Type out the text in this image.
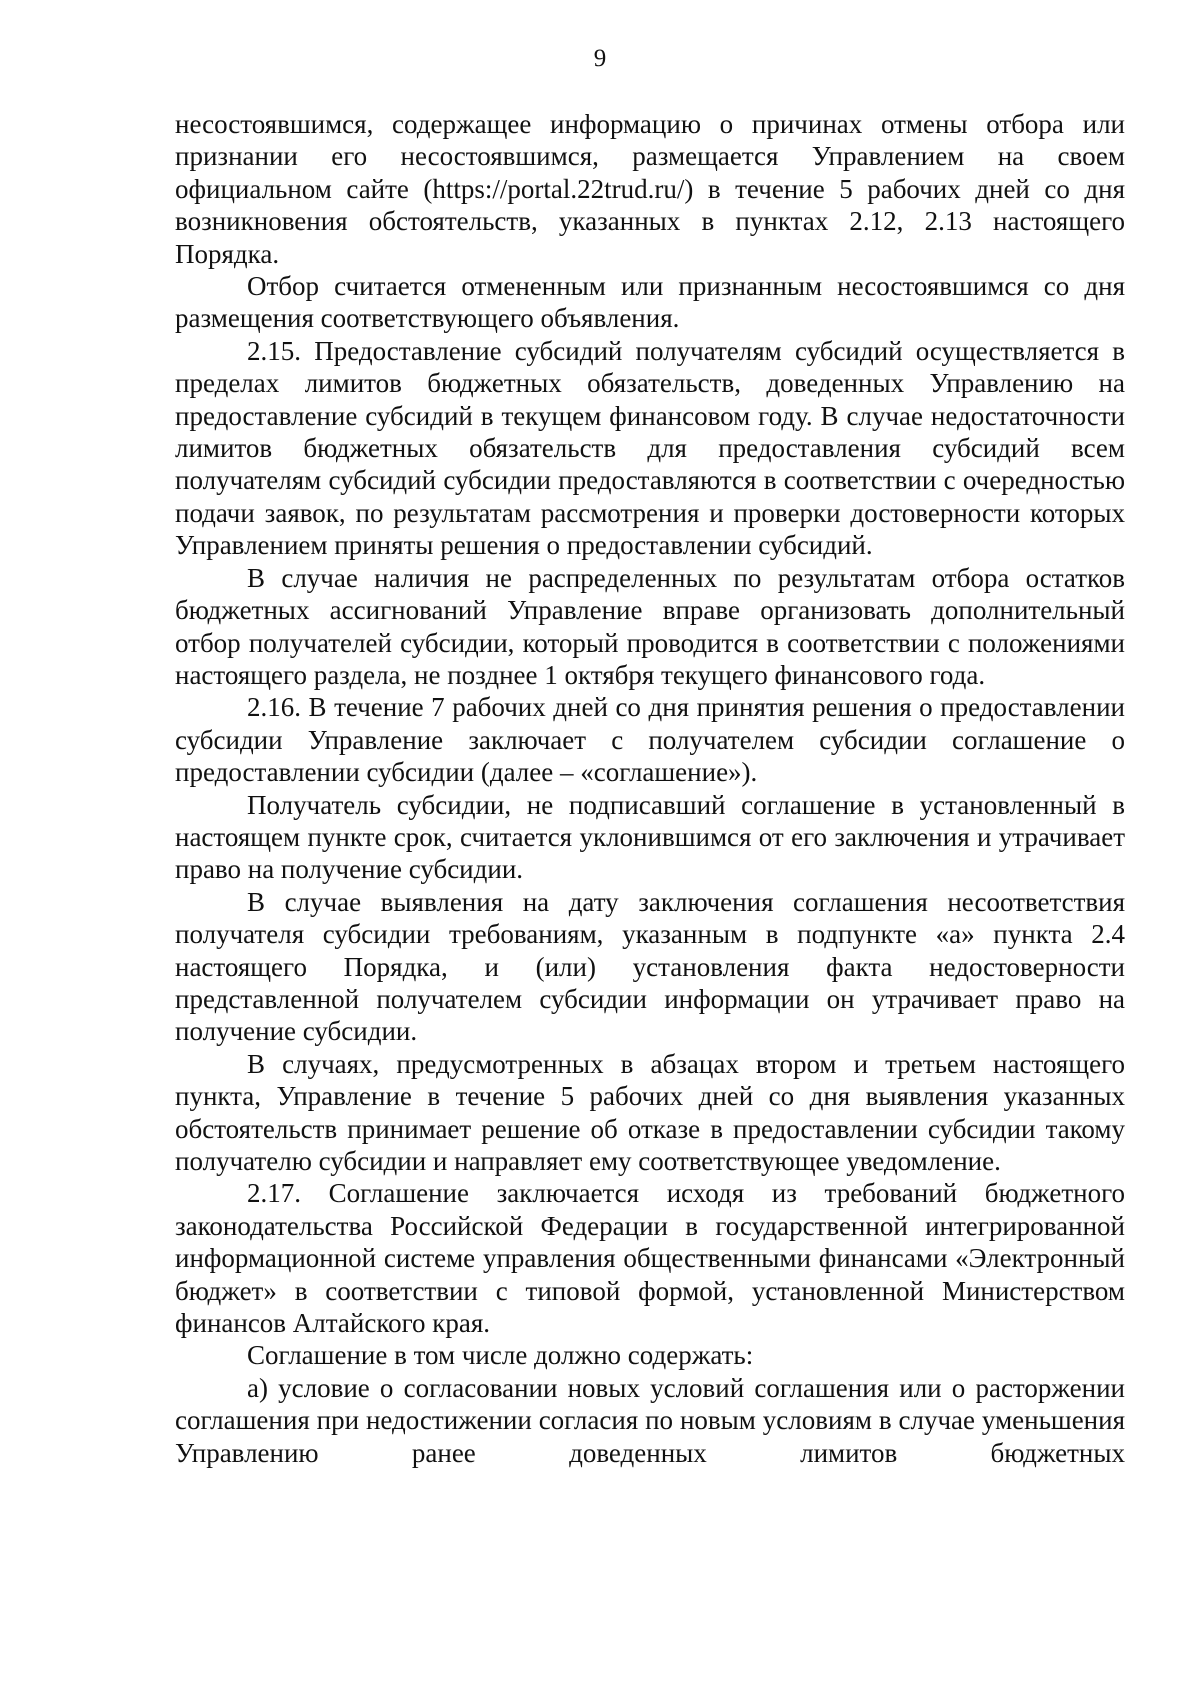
9

несостоявшимся, содержащее информацию о причинах отмены отбора или признании его несостоявшимся, размещается Управлением на своем официальном сайте (https://portal.22trud.ru/) в течение 5 рабочих дней со дня возникновения обстоятельств, указанных в пунктах 2.12, 2.13 настоящего Порядка.

Отбор считается отмененным или признанным несостоявшимся со дня размещения соответствующего объявления.

2.15. Предоставление субсидий получателям субсидий осуществляется в пределах лимитов бюджетных обязательств, доведенных Управлению на предоставление субсидий в текущем финансовом году. В случае недостаточности лимитов бюджетных обязательств для предоставления субсидий всем получателям субсидий субсидии предоставляются в соответствии с очередностью подачи заявок, по результатам рассмотрения и проверки достоверности которых Управлением приняты решения о предоставлении субсидий.

В случае наличия не распределенных по результатам отбора остатков бюджетных ассигнований Управление вправе организовать дополнительный отбор получателей субсидии, который проводится в соответствии с положениями настоящего раздела, не позднее 1 октября текущего финансового года.

2.16. В течение 7 рабочих дней со дня принятия решения о предоставлении субсидии Управление заключает с получателем субсидии соглашение о предоставлении субсидии (далее – «соглашение»).

Получатель субсидии, не подписавший соглашение в установленный в настоящем пункте срок, считается уклонившимся от его заключения и утрачивает право на получение субсидии.

В случае выявления на дату заключения соглашения несоответствия получателя субсидии требованиям, указанным в подпункте «а» пункта 2.4 настоящего Порядка, и (или) установления факта недостоверности представленной получателем субсидии информации он утрачивает право на получение субсидии.

В случаях, предусмотренных в абзацах втором и третьем настоящего пункта, Управление в течение 5 рабочих дней со дня выявления указанных обстоятельств принимает решение об отказе в предоставлении субсидии такому получателю субсидии и направляет ему соответствующее уведомление.

2.17. Соглашение заключается исходя из требований бюджетного законодательства Российской Федерации в государственной интегрированной информационной системе управления общественными финансами «Электронный бюджет» в соответствии с типовой формой, установленной Министерством финансов Алтайского края.

Соглашение в том числе должно содержать:

а) условие о согласовании новых условий соглашения или о расторжении соглашения при недостижении согласия по новым условиям в случае уменьшения Управлению ранее доведенных лимитов бюджетных
